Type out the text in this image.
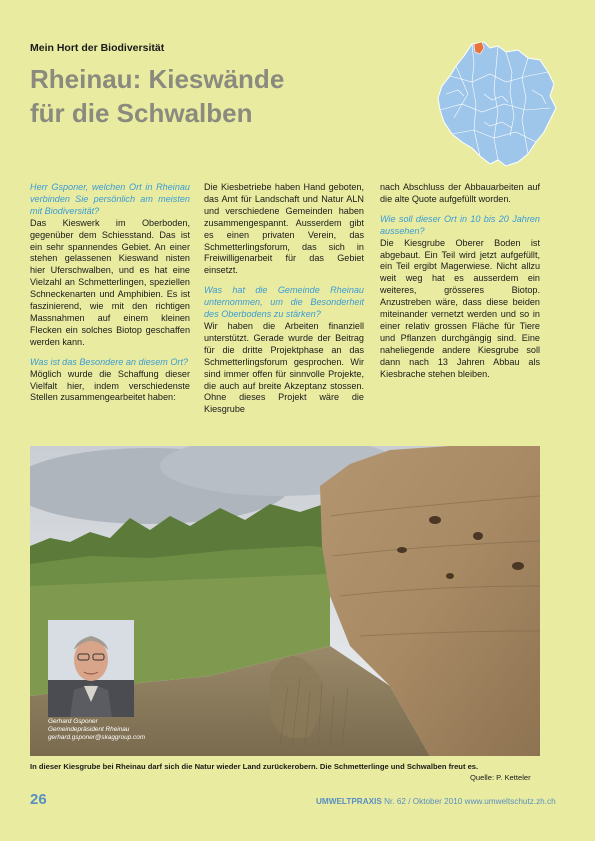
Mein Hort der Biodiversität
Rheinau: Kieswände
für die Schwalben

Herr Gsponer, welchen Ort in Rheinau verbinden Sie persönlich am meisten mit Biodiversität?

Das Kieswerk im Oberboden, gegenüber dem Schiesstand. Das ist ein sehr spannendes Gebiet. An einer stehen gelassenen Kieswand nisten hier Uferschwalben, und es hat eine Vielzahl an Schmetterlingen, speziellen Schneckenarten und Amphibien. Es ist faszinierend, wie mit den richtigen Massnahmen auf einem kleinen Flecken ein solches Biotop geschaffen werden kann.

Was ist das Besondere an diesem Ort?

Möglich wurde die Schaffung dieser Vielfalt hier, indem verschiedenste Stellen zusammengearbeitet haben:

Die Kiesbetriebe haben Hand geboten, das Amt für Landschaft und Natur ALN und verschiedene Gemeinden haben zusammengespannt. Ausserdem gibt es einen privaten Verein, das Schmetterlingsforum, das sich in Freiwilligenarbeit für das Gebiet einsetzt.

Was hat die Gemeinde Rheinau unternommen, um die Besonderheit des Oberbodens zu stärken?

Wir haben die Arbeiten finanziell unterstützt. Gerade wurde der Beitrag für die dritte Projektphase an das Schmetterlingsforum gesprochen. Wir sind immer offen für sinnvolle Projekte, die auch auf breite Akzeptanz stossen. Ohne dieses Projekt wäre die Kiesgrube

nach Abschluss der Abbauarbeiten auf die alte Quote aufgefüllt worden.

Wie soll dieser Ort in 10 bis 20 Jahren aussehen?

Die Kiesgrube Oberer Boden ist abgebaut. Ein Teil wird jetzt aufgefüllt, ein Teil ergibt Magerwiese. Nicht allzu weit weg hat es ausserdem ein weiteres, grösseres Biotop. Anzustreben wäre, dass diese beiden miteinander vernetzt werden und so in einer relativ grossen Fläche für Tiere und Pflanzen durchgängig sind. Eine naheliegende andere Kiesgrube soll dann nach 13 Jahren Abbau als Kiesbrache stehen bleiben.

Gerhard Gsponer
Gemeindepräsident Rheinau
gerhard.gsponer@skaggroup.com
In dieser Kiesgrube bei Rheinau darf sich die Natur wieder Land zurückerobern. Die Schmetterlinge und Schwalben freut es.
Quelle: P. Ketteler
26	UMWELTPRAXIS Nr. 62 / Oktober 2010 www.umweltschutz.zh.ch
